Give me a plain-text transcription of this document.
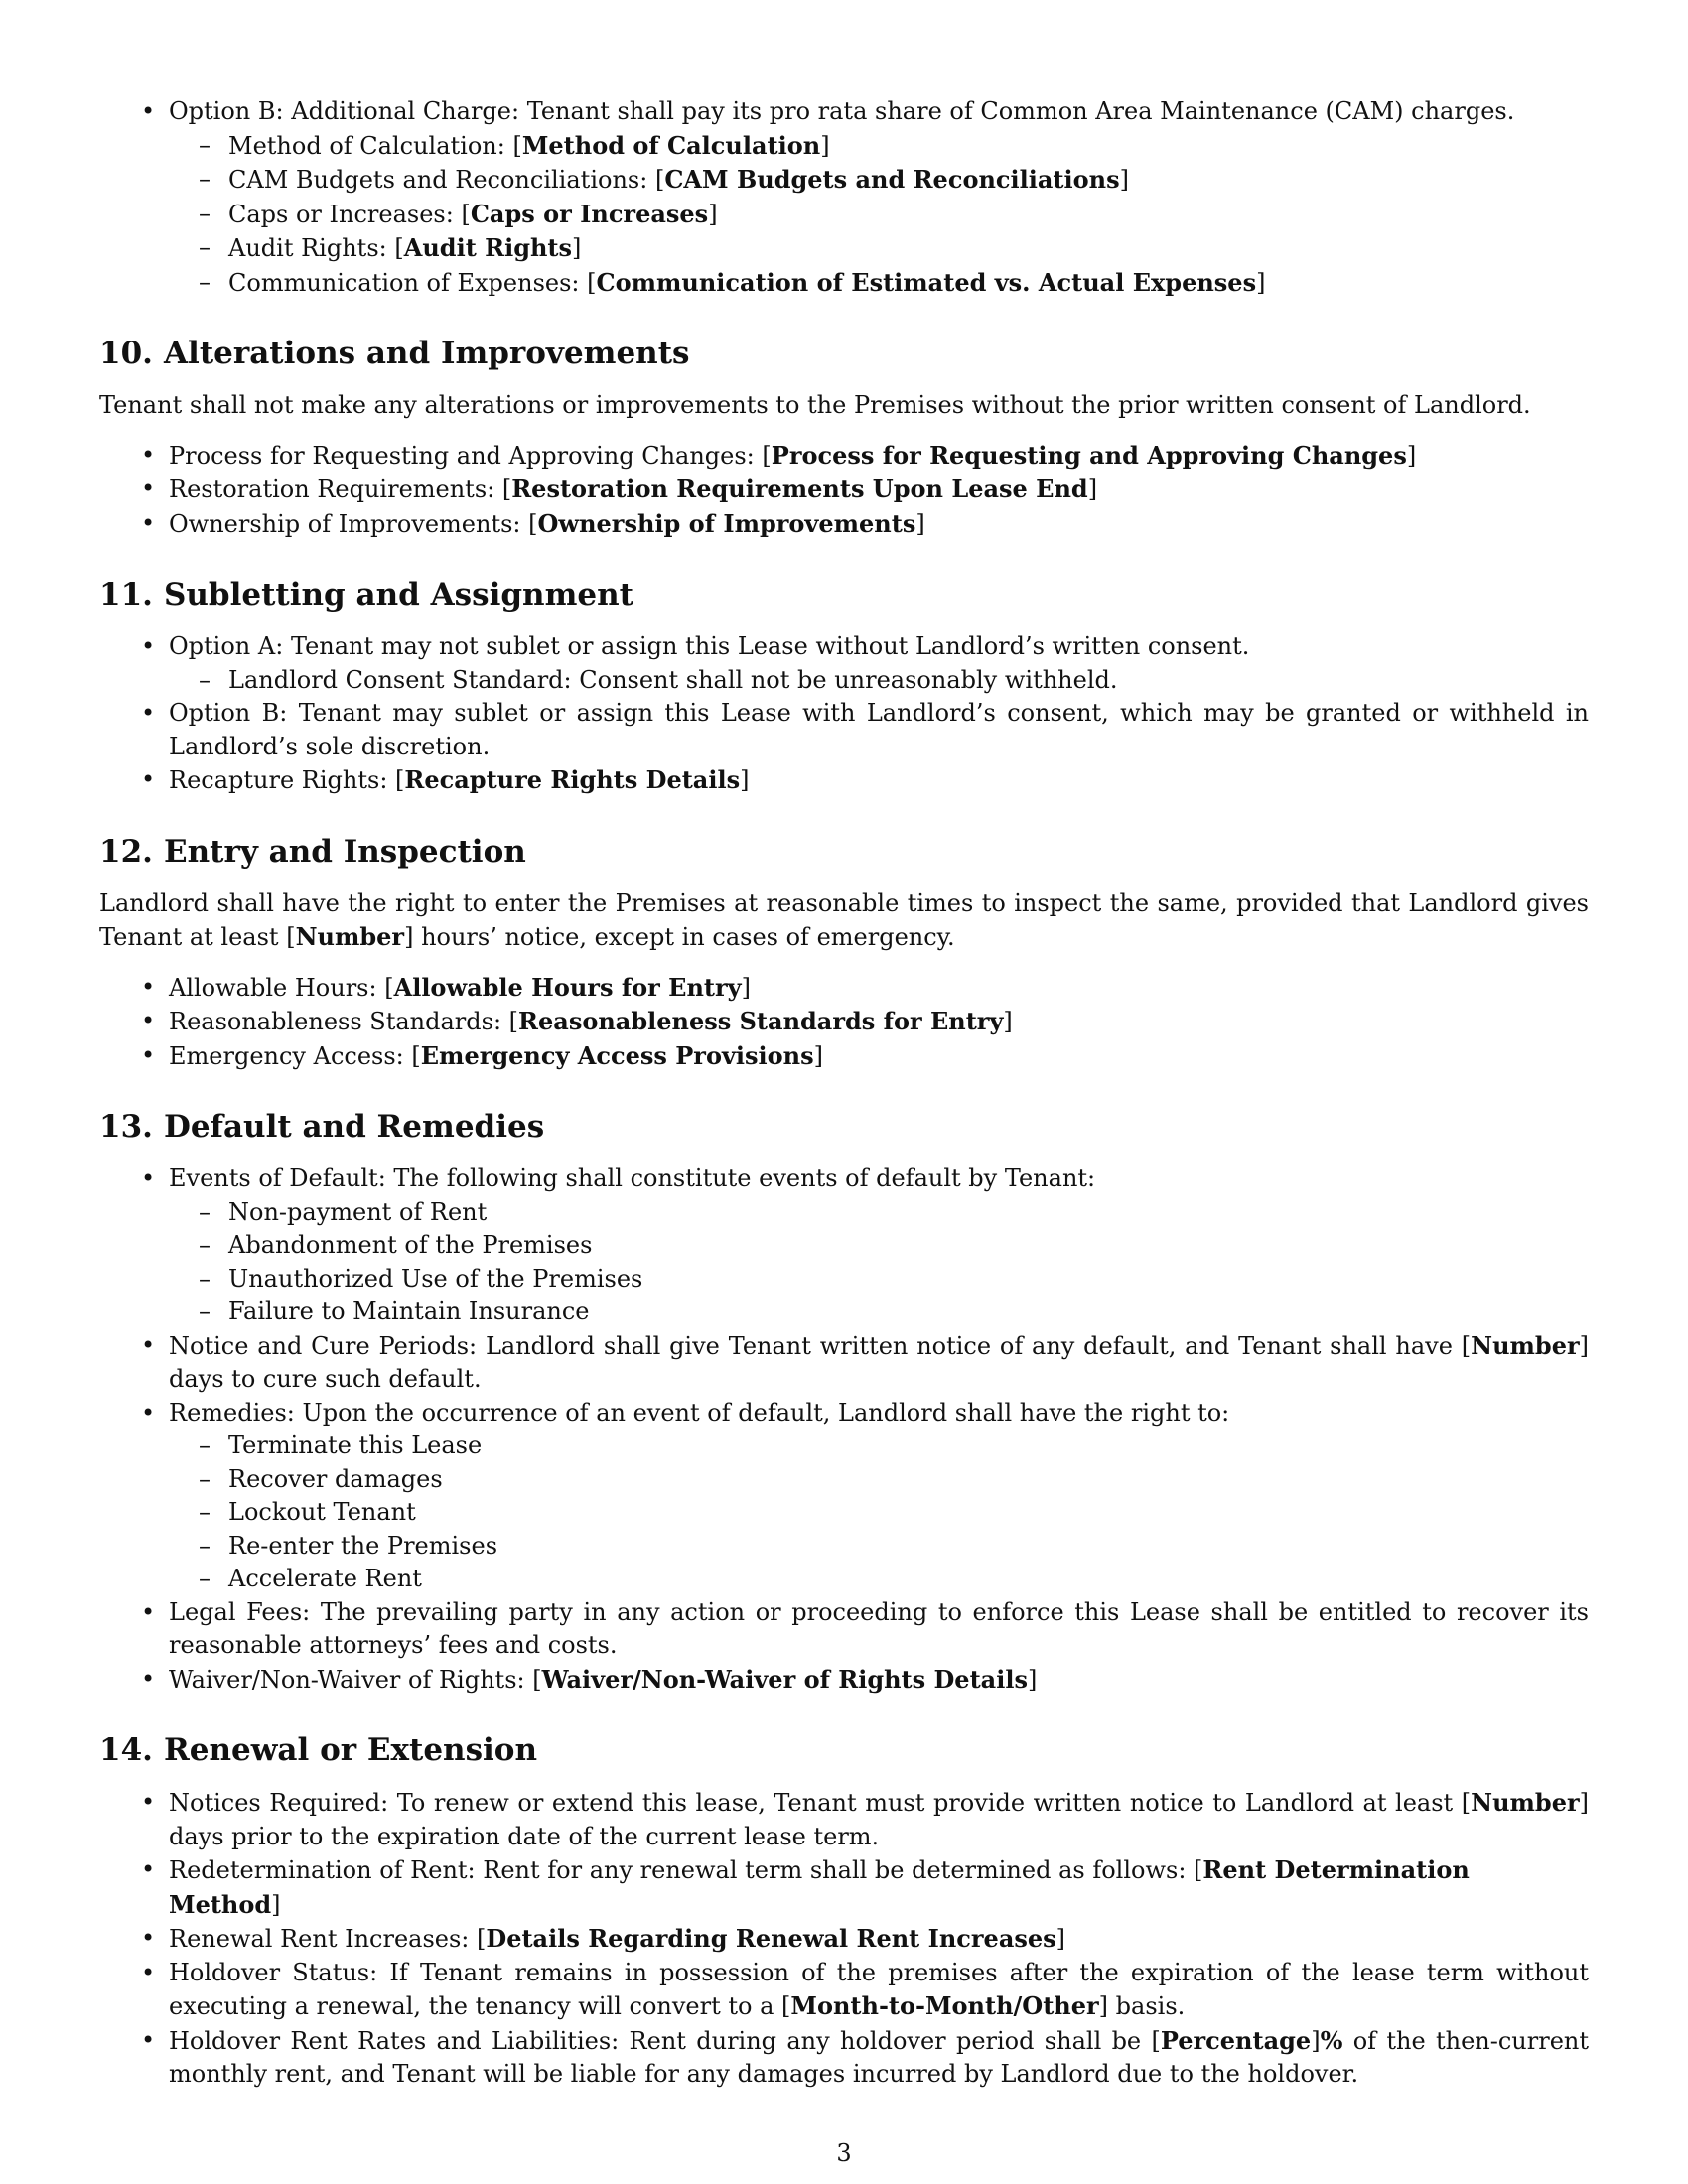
• Option B: Additional Charge: Tenant shall pay its pro rata share of Common Area Maintenance (CAM) charges.
– Method of Calculation: [Method of Calculation]
– CAM Budgets and Reconciliations: [CAM Budgets and Reconciliations]
– Caps or Increases: [Caps or Increases]
– Audit Rights: [Audit Rights]
– Communication of Expenses: [Communication of Estimated vs. Actual Expenses]
10. Alterations and Improvements

Tenant shall not make any alterations or improvements to the Premises without the prior written consent of Landlord.

• Process for Requesting and Approving Changes: [Process for Requesting and Approving Changes]
• Restoration Requirements: [Restoration Requirements Upon Lease End]
• Ownership of Improvements: [Ownership of Improvements]
11. Subletting and Assignment
• Option A: Tenant may not sublet or assign this Lease without Landlord’s written consent.
– Landlord Consent Standard: Consent shall not be unreasonably withheld.
• Option B: Tenant may sublet or assign this Lease with Landlord’s consent, which may be granted or withheld in Landlord’s sole discretion.
• Recapture Rights: [Recapture Rights Details]
12. Entry and Inspection

Landlord shall have the right to enter the Premises at reasonable times to inspect the same, provided that Landlord gives Tenant at least [Number] hours’ notice, except in cases of emergency.

• Allowable Hours: [Allowable Hours for Entry]
• Reasonableness Standards: [Reasonableness Standards for Entry]
• Emergency Access: [Emergency Access Provisions]
13. Default and Remedies
• Events of Default: The following shall constitute events of default by Tenant:
– Non-payment of Rent
– Abandonment of the Premises
– Unauthorized Use of the Premises
– Failure to Maintain Insurance
• Notice and Cure Periods: Landlord shall give Tenant written notice of any default, and Tenant shall have [Number] days to cure such default.
• Remedies: Upon the occurrence of an event of default, Landlord shall have the right to:
– Terminate this Lease
– Recover damages
– Lockout Tenant
– Re-enter the Premises
– Accelerate Rent
• Legal Fees: The prevailing party in any action or proceeding to enforce this Lease shall be entitled to recover its reasonable attorneys’ fees and costs.
• Waiver/Non-Waiver of Rights: [Waiver/Non-Waiver of Rights Details]
14. Renewal or Extension
• Notices Required: To renew or extend this lease, Tenant must provide written notice to Landlord at least [Number] days prior to the expiration date of the current lease term.
• Redetermination of Rent: Rent for any renewal term shall be determined as follows: [Rent Determination Method]
• Renewal Rent Increases: [Details Regarding Renewal Rent Increases]
• Holdover Status: If Tenant remains in possession of the premises after the expiration of the lease term without executing a renewal, the tenancy will convert to a [Month-to-Month/Other] basis.
• Holdover Rent Rates and Liabilities: Rent during any holdover period shall be [Percentage]% of the then-current monthly rent, and Tenant will be liable for any damages incurred by Landlord due to the holdover.
3
